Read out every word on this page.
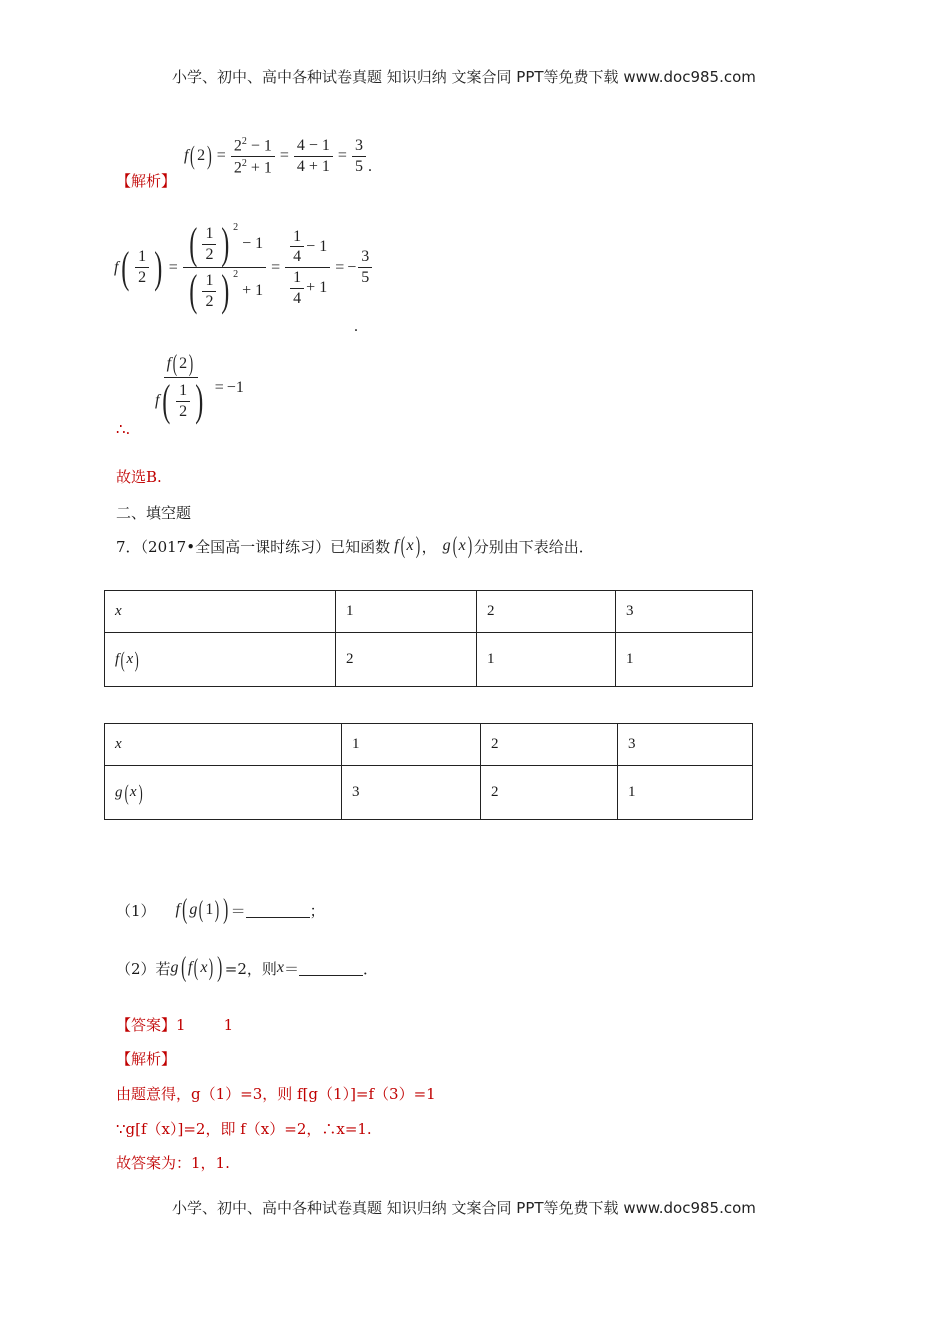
小学、初中、高中各种试卷真题 知识归纳 文案合同 PPT等免费下载 www.doc985.com
【解析】
f ( 2 ) = $\frac{2^2 - 1}{2^2 + 1} = \frac{4 - 1}{4 + 1} = \frac{3}{5}$ .
f ( $\frac{1}{2}$ ) = ( $\frac{1}{2}$ ) $^2$
− 1
( $\frac{1}{2}$ ) $^2$
+ $1 = \frac{\frac{1}{4} - 1}{\frac{1}{4} + 1}$ = − $\frac{3}{5}$
.
$\frac{f ( 2 )}{f ( \frac{1}{2} )} = -1$
∴ .
故选B.
二、填空题
7．（2017•全国高一课时练习）已知函数 f ( x ) ， g ( x ) 分别由下表给出．
x	1	2	3
f ( x )	2	1	1
x	1	2	3
g ( x )	3	2	1
（1） f ( g ( 1 ) ) ＝	；
（2）若 g ( f ( x ) ) =2，则 x ＝	．
【答案】 1	1
【解析】
由题意得，g（1）=3，则 f[g（1）]=f（3）=1
∵g[f（x）]=2，即 f（x）=2，∴x=1.
故答案为：1，1.
小学、初中、高中各种试卷真题 知识归纳 文案合同 PPT等免费下载 www.doc985.com
